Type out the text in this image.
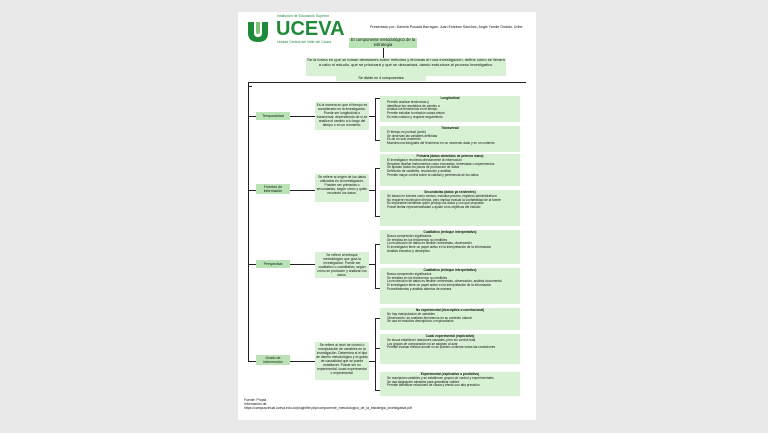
Institución de Educación Superior
UCEVA
Unidad Central del Valle del Cauca
Presentado por: Daniela Posada Barragan, Juan Esteban Sánchez, Angie Yamile Giraldo, Uribe
El componente metodológico de la estrategia
Se la forma en que se toman decisiones sobre métodos y técnicas en una investigación, define cómo se llevará a cabo el estudio, qué se priorizará y qué se descartará, dando estructura al proceso investigativo.
Se divide en 4 componentes
Temporalidad
Es la manera en que el tiempo es considerado en la investigación. Puede ser longitudinal o transversal, dependiendo de si se analiza el cambio a lo largo del tiempo o en un momento.
Longitudinal
• Permite analizar tendencias y
• Identificar los resultados de cambio a
• Analiza los fenómenos en el tiempo
• Permite estudiar la relación causa-efecto
• Es más costoso y requiere seguimiento
Transversal
• El tiempo es puntual (corte)
• Se observan las variables definidas
• Es de un solo momento
• Muestra una fotografía del fenómeno en un momento dado y en un contexto
Fuentes de información
Se refiere al origen de los datos utilizados en la investigación. Pueden ser primarias o secundarias, según cómo y quién recolectó los datos.
Primaria (datos obtenidos de primera mano)
• El investigador recolecta directamente la información
• Requiere diseñar instrumentos como encuestas, entrevistas u experimentos
• Se ajustan todos los pasos de producción de datos
• Definición de variables, recolección y análisis
• Permite mayor control sobre la calidad y pertinencia de los datos
Secundarias (datos ya existentes)
• Se basan en fuentes como censos, estudios previos, registros administrativos
• No requiere recolección directa, pero implica evaluar la confiabilidad de la fuente
• Es importante identificar quién produjo los datos y con qué propósito
• Puede limitar representatividad o ajuste a los objetivos del estudio
Perspectiva
Se refiere al enfoque metodológico que guía la investigación. Puede ser cualitativo o cuantitativo, según cómo se producen y analizan los datos.
Cualitativo (enfoque interpretativo)
• Busca comprender significados
• Se enfatiza en los fenómenos no medibles
• La recolección de datos es flexible: entrevistas, observación
• El investigador tiene un papel activo en la interpretación de la información
• Análisis inductivo y descriptivo
Cualitativo (enfoque interpretativo)
• Busca comprender significados
• Se enfatiza en los fenómenos no medibles
• La recolección de datos es flexible: entrevistas, observación, análisis documental
• El investigador tiene un papel activo en la interpretación de la información
• Procedimientos y análisis abiertos de manera
Grado de intervención
Se refiere al nivel de control o manipulación de variables en la investigación. Determina si el tipo de diseño metodológico y el grado de causalidad que se puede establecer. Puede ser no experimental, cuasi experimental o experimental.
No experimental (descriptivo o correlacional)
• No hay manipulación de variables
• Observación: se analizan fenómenos en su contexto natural
• Se usa en estudios descriptivos o exploratorios
Cuasi experimental (explicativo)
• Se busca establecer relaciones causales, pero sin control total
• Los grupos de comparación no se asignan al azar
• Permite evaluar efectos donde no se pueden controlar todas las condiciones
Experimental (explicativo o predictivo)
• Se manipulan variables y se establecen grupos de control y experimentales
• Se usa asignación aleatoria para garantizar validez
• Permite identificar relaciones de causa y efecto con alta precisión
Fuente: Propia
Información de:
https://campusvirtual.uceva.edu.co/pluginfile.php/componente_metodologico_de_la_estrategia_investigativa.pdf
